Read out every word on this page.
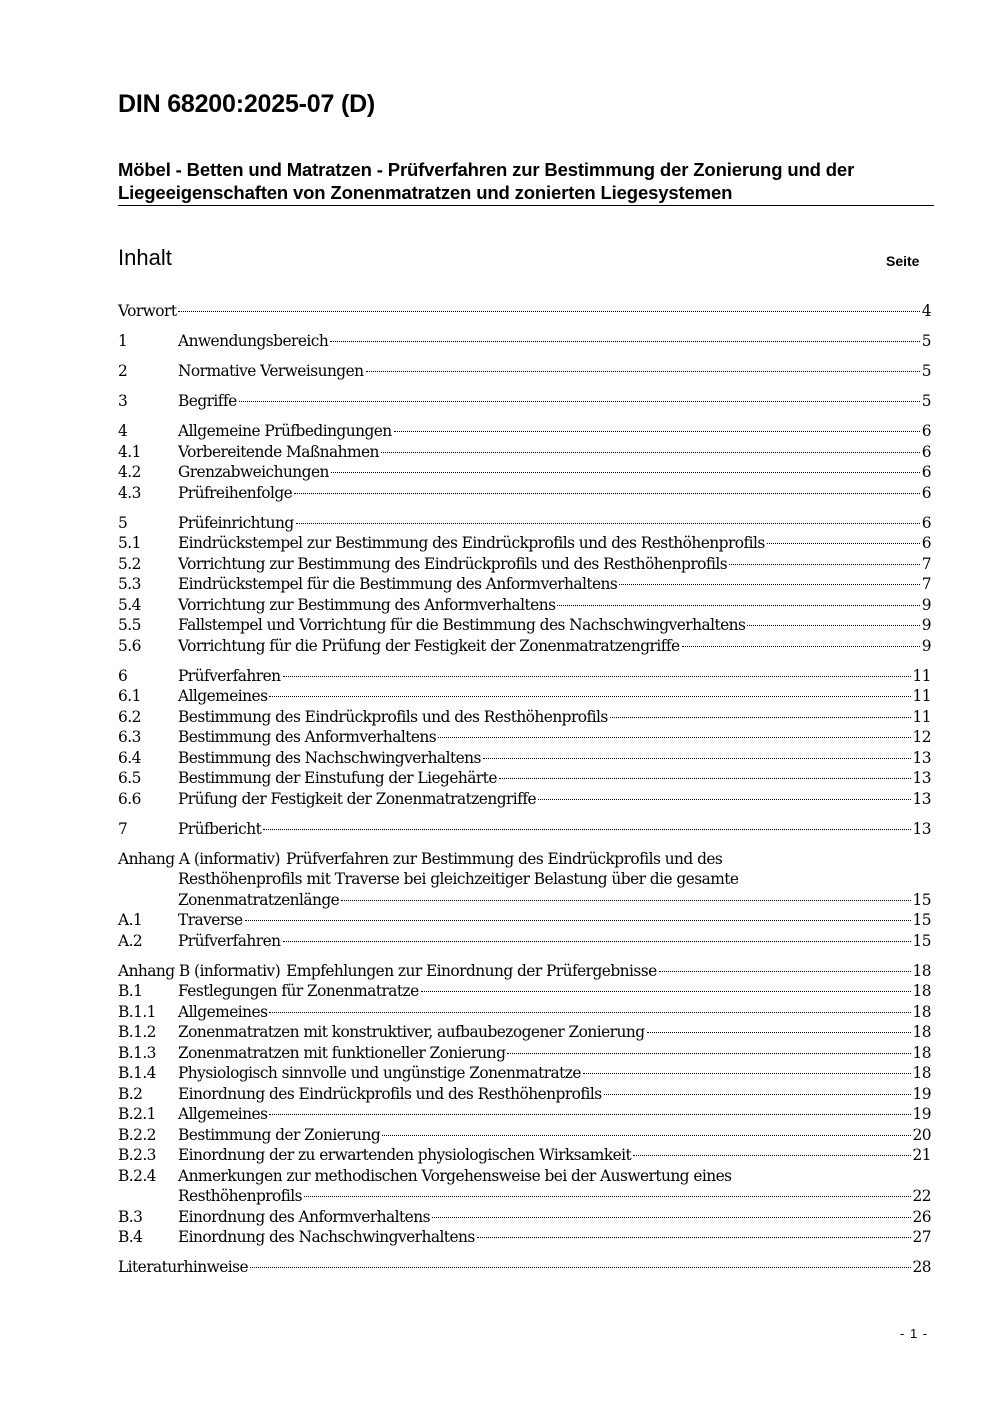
DIN 68200:2025-07 (D)
Möbel - Betten und Matratzen - Prüfverfahren zur Bestimmung der Zonierung und der
Liegeeigenschaften von Zonenmatratzen und zonierten Liegesystemen
Inhalt	Seite
Vorwort	4
1	Anwendungsbereich	5
2	Normative Verweisungen	5
3	Begriffe	5
4	Allgemeine Prüfbedingungen	6
4.1	Vorbereitende Maßnahmen	6
4.2	Grenzabweichungen	6
4.3	Prüfreihenfolge	6
5	Prüfeinrichtung	6
5.1	Eindrückstempel zur Bestimmung des Eindrückprofils und des Resthöhenprofils	6
5.2	Vorrichtung zur Bestimmung des Eindrückprofils und des Resthöhenprofils	7
5.3	Eindrückstempel für die Bestimmung des Anformverhaltens	7
5.4	Vorrichtung zur Bestimmung des Anformverhaltens	9
5.5	Fallstempel und Vorrichtung für die Bestimmung des Nachschwingverhaltens	9
5.6	Vorrichtung für die Prüfung der Festigkeit der Zonenmatratzengriffe	9
6	Prüfverfahren	11
6.1	Allgemeines	11
6.2	Bestimmung des Eindrückprofils und des Resthöhenprofils	11
6.3	Bestimmung des Anformverhaltens	12
6.4	Bestimmung des Nachschwingverhaltens	13
6.5	Bestimmung der Einstufung der Liegehärte	13
6.6	Prüfung der Festigkeit der Zonenmatratzengriffe	13
7	Prüfbericht	13
Anhang A (informativ) Prüfverfahren zur Bestimmung des Eindrückprofils und des
Resthöhenprofils mit Traverse bei gleichzeitiger Belastung über die gesamte
Zonenmatratzenlänge	15
A.1	Traverse	15
A.2	Prüfverfahren	15
Anhang B (informativ) Empfehlungen zur Einordnung der Prüfergebnisse	18
B.1	Festlegungen für Zonenmatratze	18
B.1.1	Allgemeines	18
B.1.2	Zonenmatratzen mit konstruktiver, aufbaubezogener Zonierung	18
B.1.3	Zonenmatratzen mit funktioneller Zonierung	18
B.1.4	Physiologisch sinnvolle und ungünstige Zonenmatratze	18
B.2	Einordnung des Eindrückprofils und des Resthöhenprofils	19
B.2.1	Allgemeines	19
B.2.2	Bestimmung der Zonierung	20
B.2.3	Einordnung der zu erwartenden physiologischen Wirksamkeit	21
B.2.4	Anmerkungen zur methodischen Vorgehensweise bei der Auswertung eines
Resthöhenprofils	22
B.3	Einordnung des Anformverhaltens	26
B.4	Einordnung des Nachschwingverhaltens	27
Literaturhinweise	28
- 1 -
